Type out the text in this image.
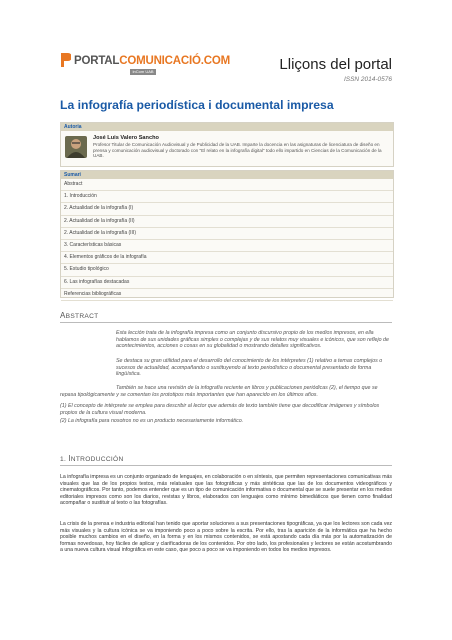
PORTALCOMUNICACIÓ.COM
InCom UAB	Lliçons del portal
ISSN 2014-0576
La infografía periodística i documental impresa
Autoria
José Luis Valero Sancho
Profesor Titular de Comunicación Audiovisual y de Publicidad de la UAB. Imparte la docencia en las asignaturas de licenciatura de diseño en prensa y comunicación audiovisual y doctorado con "El relato en la infografía digital" todo ello impartido en Ciencias de la Comunicación de la UAB.
Sumari
Abstract
1. Introducción
2. Actualidad de la infografía (I)
2. Actualidad de la infografía (II)
2. Actualidad de la infografía (III)
3. Características básicas
4. Elementos gráficos de la infografía
5. Estudio tipológico
6. Las infografías destacadas
Referencias bibliográficas
ABSTRACT
Esta lección trata de la infografía impresa como un conjunto discursivo propio de los medios impresos, en ella hablamos de sus unidades gráficas simples o complejas y de sus relatos muy visuales e icónicos, que son reflejo de acontecimientos, acciones o cosas en su globalidad o mostrando detalles significativos.
Se destaca su gran utilidad para el desarrollo del conocimiento de los intérpretes (1) relativo a temas complejos o sucesos de actualidad, acompañando o sustituyendo al texto periodístico o documental presentado de forma lingüística.
También se hace una revisión de la infografía reciente en libros y publicaciones periódicas (2), el tiempo que se repasa tipológicamente y se comentan los prototipos más importantes que han aparecido en los últimos años.
(1) El concepto de intérprete se emplea para describir al lector que además de texto también tiene que decodificar imágenes y símbolos propios de la cultura visual moderna.
(2) La infografía para nosotros no es un producto necesariamente informático.
1. INTRODUCCIÓN
La infografía impresa es un conjunto organizado de lenguajes, en colaboración o en síntesis, que permiten representaciones comunicativas más visuales que las de los propios textos, más relatuales que las fotográficas y más sintéticas que las de los documentos videográficos y cinematográficos. Por tanto, podemos entender que es un tipo de comunicación informativa o documental que se suele presentar en los medios editoriales impresos como son los diarios, revistas y libros, elaborados con lenguajes como mínimo bimediáticos que tienen como finalidad acompañar o sustituir al texto o las fotografías.
La crisis de la prensa e industria editorial han tenido que aportar soluciones a sus presentaciones tipográficas, ya que los lectores son cada vez más visuales y la cultura icónica se va imponiendo poco a poco sobre la escrita. Por ello, tras la aparición de la informática que ha hecho posible muchos cambios en el diseño, en la forma y en los mismos contenidos, se está apostando cada día más por la automatización de formas novedosas, hoy fáciles de aplicar y clarificadoras de los contenidos. Por otro lado, los profesionales y lectores se están acostumbrando a una nueva cultura visual infográfica en este caso, que poco a poco se va imponiendo en todos los medios impresos.
